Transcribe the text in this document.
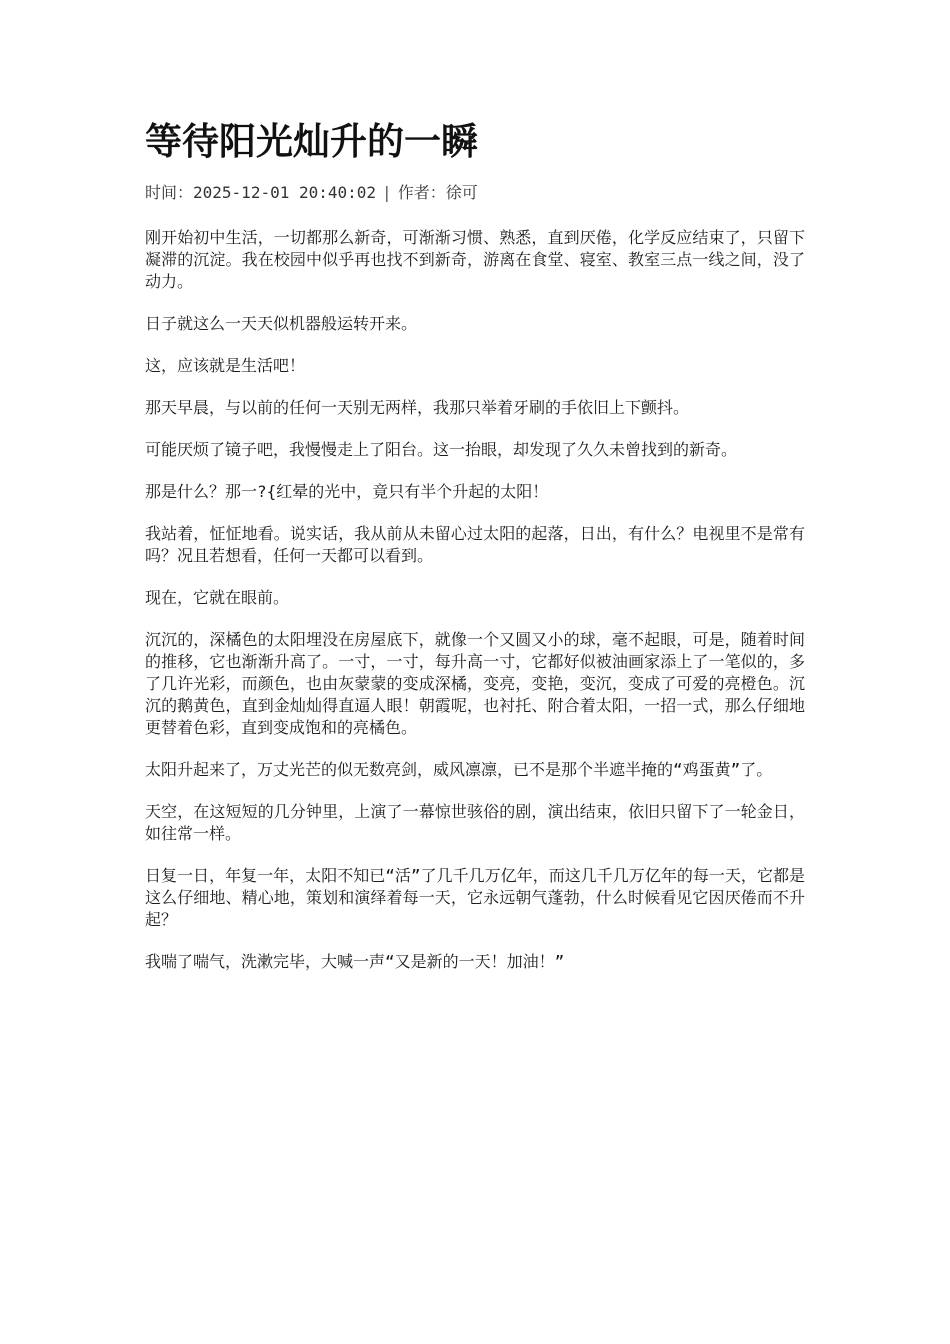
等待阳光灿升的一瞬
时间：2025-12-01 20:40:02 | 作者：徐可

刚开始初中生活，一切都那么新奇，可渐渐习惯、熟悉，直到厌倦，化学反应结束了，只留下凝滞的沉淀。我在校园中似乎再也找不到新奇，游离在食堂、寝室、教室三点一线之间，没了动力。

日子就这么一天天似机器般运转开来。

这，应该就是生活吧！

那天早晨，与以前的任何一天别无两样，我那只举着牙刷的手依旧上下颤抖。

可能厌烦了镜子吧，我慢慢走上了阳台。这一抬眼，却发现了久久未曾找到的新奇。

那是什么？那一?{红晕的光中，竟只有半个升起的太阳！

我站着，怔怔地看。说实话，我从前从未留心过太阳的起落，日出，有什么？电视里不是常有吗？况且若想看，任何一天都可以看到。

现在，它就在眼前。

沉沉的，深橘色的太阳埋没在房屋底下，就像一个又圆又小的球，毫不起眼，可是，随着时间的推移，它也渐渐升高了。一寸，一寸，每升高一寸，它都好似被油画家添上了一笔似的，多了几许光彩，而颜色，也由灰蒙蒙的变成深橘，变亮，变艳，变沉，变成了可爱的亮橙色。沉沉的鹅黄色，直到金灿灿得直逼人眼！朝霞呢，也衬托、附合着太阳，一招一式，那么仔细地更替着色彩，直到变成饱和的亮橘色。

太阳升起来了，万丈光芒的似无数亮剑，威风凛凛，已不是那个半遮半掩的“鸡蛋黄”了。

天空，在这短短的几分钟里，上演了一幕惊世骇俗的剧，演出结束，依旧只留下了一轮金日，如往常一样。

日复一日，年复一年，太阳不知已“活”了几千几万亿年，而这几千几万亿年的每一天，它都是这么仔细地、精心地，策划和演绎着每一天，它永远朝气蓬勃，什么时候看见它因厌倦而不升起？

我喘了喘气，洗漱完毕，大喊一声“又是新的一天！加油！”
